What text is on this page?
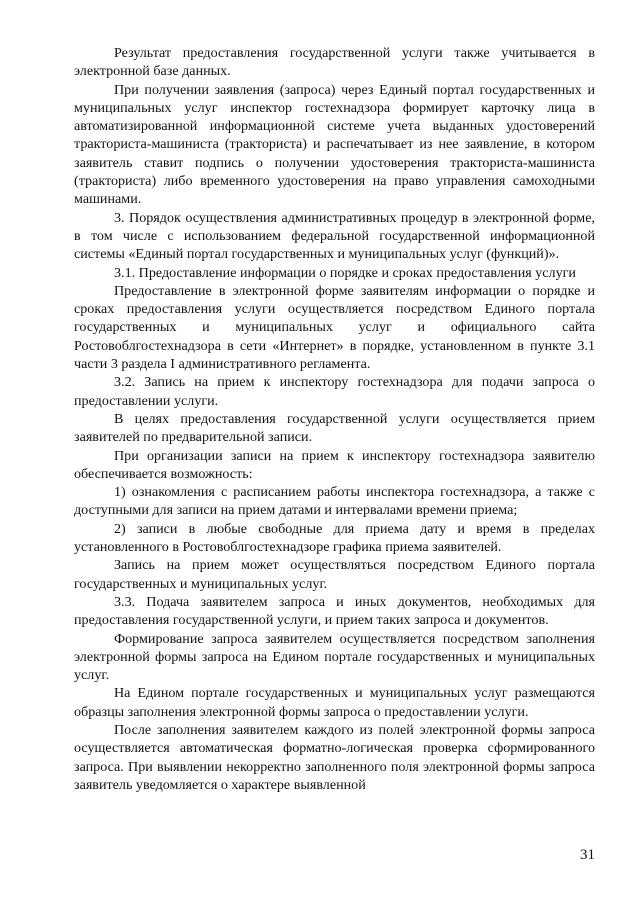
Результат предоставления государственной услуги также учитывается в электронной базе данных.

При получении заявления (запроса) через Единый портал государственных и муниципальных услуг инспектор гостехнадзора формирует карточку лица в автоматизированной информационной системе учета выданных удостоверений тракториста-машиниста (тракториста) и распечатывает из нее заявление, в котором заявитель ставит подпись о получении удостоверения тракториста-машиниста (тракториста) либо временного удостоверения на право управления самоходными машинами.

3. Порядок осуществления административных процедур в электронной форме, в том числе с использованием федеральной государственной информационной системы «Единый портал государственных и муниципальных услуг (функций)».

3.1. Предоставление информации о порядке и сроках предоставления услуги

Предоставление в электронной форме заявителям информации о порядке и сроках предоставления услуги осуществляется посредством Единого портала государственных и муниципальных услуг и официального сайта Ростовоблгостехнадзора в сети «Интернет» в порядке, установленном в пункте 3.1 части 3 раздела I административного регламента.

3.2. Запись на прием к инспектору гостехнадзора для подачи запроса о предоставлении услуги.

В целях предоставления государственной услуги осуществляется прием заявителей по предварительной записи.

При организации записи на прием к инспектору гостехнадзора заявителю обеспечивается возможность:

1) ознакомления с расписанием работы инспектора гостехнадзора, а также с доступными для записи на прием датами и интервалами времени приема;

2) записи в любые свободные для приема дату и время в пределах установленного в Ростовоблгостехнадзоре графика приема заявителей.

Запись на прием может осуществляться посредством Единого портала государственных и муниципальных услуг.

3.3. Подача заявителем запроса и иных документов, необходимых для предоставления государственной услуги, и прием таких запроса и документов.

Формирование запроса заявителем осуществляется посредством заполнения электронной формы запроса на Едином портале государственных и муниципальных услуг.

На Едином портале государственных и муниципальных услуг размещаются образцы заполнения электронной формы запроса о предоставлении услуги.

После заполнения заявителем каждого из полей электронной формы запроса осуществляется автоматическая форматно-логическая проверка сформированного запроса. При выявлении некорректно заполненного поля электронной формы запроса заявитель уведомляется о характере выявленной

31
